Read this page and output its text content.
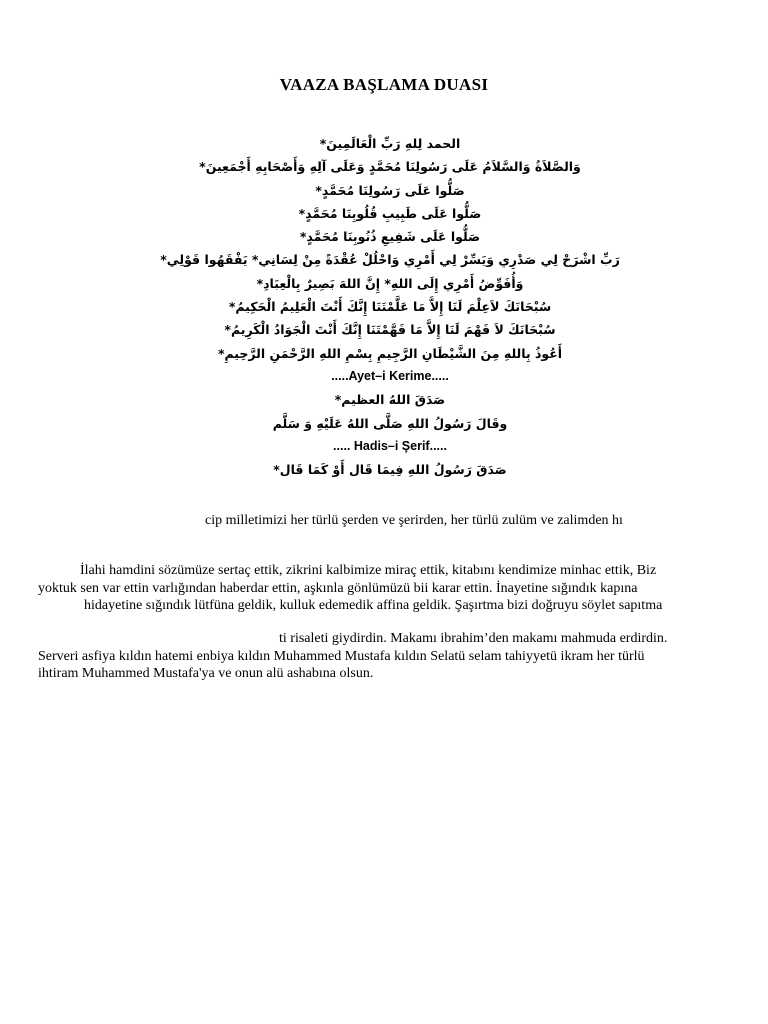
VAAZA BAŞLAMA DUASI
الحمد لِلهِ رَبِّ الْعَالَمِينَ*
وَالصَّلاَةُ وَالسَّلاَمُ عَلَى رَسُولِنَا مُحَمَّدٍ وَعَلَى آلِهِ وَأَصْحَابِهِ أَجْمَعِينَ*
صَلُّوا عَلَى رَسُولِنَا مُحَمَّدٍ*
صَلُّوا عَلَى طَبِيبِ قُلُوبِنَا مُحَمَّدٍ*
صَلُّوا عَلَى شَفِيعِ ذُنُوبِنَا مُحَمَّدٍ*
رَبِّ اشْرَحْ لِي صَدْرِي وَيَسِّرْ لِي أَمْرِي وَاحْلُلْ عُقْدَةً مِنْ لِسَانِي* يَفْقَهُوا قَوْلِي*
وَأُفَوِّضُ أَمْرِي إِلَى اللهِ* إِنَّ اللهَ بَصِيرٌ بِالْعِبَادِ*
سُبْحَانَكَ لاَعِلْمَ لَنَا إِلاَّ مَا عَلَّمْتَنَا إِنَّكَ أَنْتَ الْعَلِيمُ الْحَكِيمُ*
سُبْحَانَكَ لاَ فَهْمَ لَنَا إِلاَّ مَا فَهَّمْتَنَا إِنَّكَ أَنْتَ الْجَوَادُ الْكَرِيمُ*
أَعُوذُ بِاللهِ مِنَ الشَّيْطَانِ الرَّجِيمِ بِسْمِ اللهِ الرَّحْمَنِ الرَّحِيمِ*
.....Ayet–i Kerime.....
صَدَقَ اللهُ العظيم*
وقَالَ رَسُولُ اللهِ صَلَّى اللهُ عَلَيْهِ وَ سَلَّم
..... Hadis–i Şerif.....
صَدَقَ رَسُولُ اللهِ فِيمَا قَال أَوْ كَمَا قَال*
cip milletimizi her türlü şerden ve şerirden, her türlü zulüm ve zalimden hı
İlahi hamdini sözümüze sertaç ettik, zikrini kalbimize miraç ettik, kitabını kendimize minhac ettik, Biz
yoktuk sen var ettin varlığından haberdar ettin, aşkınla gönlümüzü bii karar ettin. İnayetine sığındık kapına
hidayetine sığındık lütfüna geldik, kulluk edemedik affina geldik. Şaşırtma bizi doğruyu söylet sapıtma
ti risaleti giydirdin. Makamı ibrahim’den makamı mahmuda erdirdin.
Serveri asfiya kıldın hatemi enbiya kıldın Muhammed Mustafa kıldın Selatü selam tahiyyetü ikram her türlü
ihtiram Muhammed Mustafa'ya ve onun alü ashabına olsun.
